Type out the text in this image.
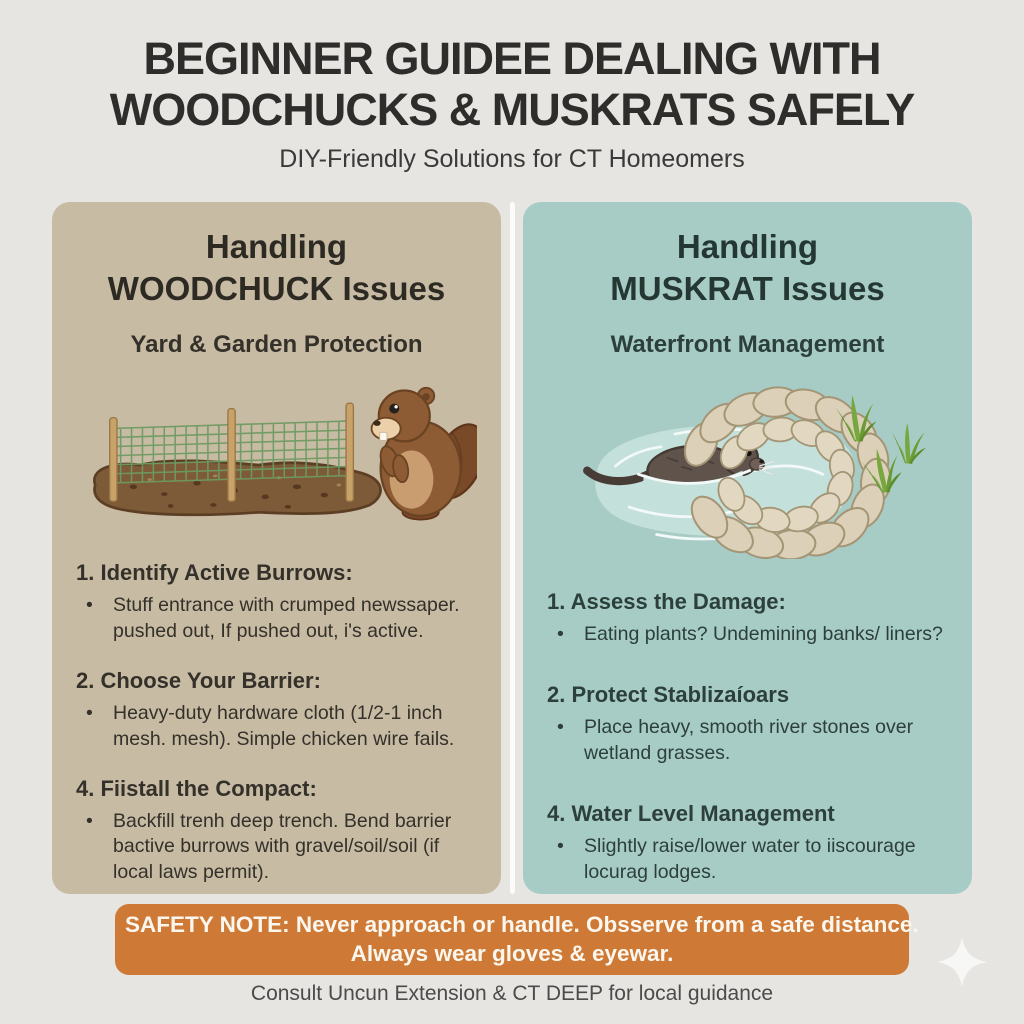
BEGINNER GUIDEE DEALING WITH
WOODCHUCKS & MUSKRATS SAFELY
DIY-Friendly Solutions for CT Homeomers
Handling
WOODCHUCK Issues
Yard & Garden Protection
1. Identify Active Burrows:
•	Stuff entrance with crumped newssaper. pushed out, If pushed out, i's active.
2. Choose Your Barrier:
•	Heavy-duty hardware cloth (1/2-1 inch mesh. mesh). Simple chicken wire fails.
4. Fiistall the Compact:
•	Backfill trenh deep trench. Bend barrier bactive burrows with gravel/soil/soil (if local laws permit).
Handling
MUSKRAT Issues
Waterfront Management
1. Assess the Damage:
•	Eating plants? Undemining banks/ liners?
2. Protect Stablizaíoars
•	Place heavy, smooth river stones over wetland grasses.
4. Water Level Management
•	Slightly raise/lower water to iiscourage locurag lodges.
SAFETY NOTE: Never approach or handle. Obsserve from a safe distance.
Always wear gloves & eyewar.
Consult Uncun Extension & CT DEEP for local guidance
